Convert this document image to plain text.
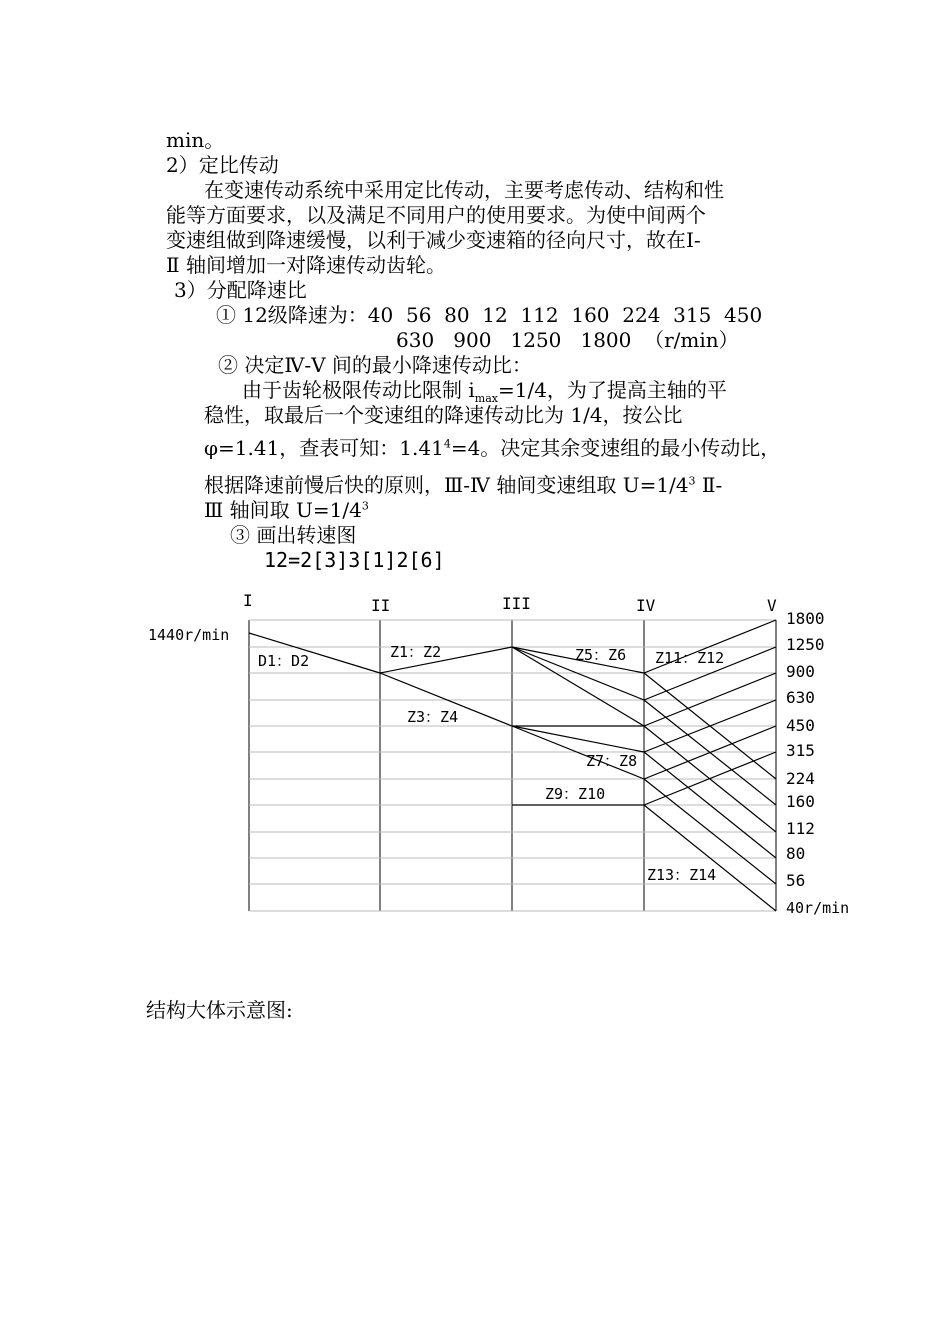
min。
2）定比传动
在变速传动系统中采用定比传动，主要考虑传动、结构和性
能等方面要求，以及满足不同用户的使用要求。为使中间两个
变速组做到降速缓慢，以利于减少变速箱的径向尺寸，故在Ⅰ-
Ⅱ 轴间增加一对降速传动齿轮。
3）分配降速比
① 12级降速为：40  56  80  12  112  160  224  315  450
630   900   1250   1800  （r/min）
② 决定Ⅳ-Ⅴ 间的最小降速传动比：
由于齿轮极限传动比限制 $i_{max}=1/4$，为了提高主轴的平
稳性，取最后一个变速组的降速传动比为 1/4，按公比
φ=1.41，查表可知：$1.41^4=4$。决定其余变速组的最小传动比，
根据降速前慢后快的原则，Ⅲ-Ⅳ 轴间变速组取 $U=1/4^3$ Ⅱ-
Ⅲ 轴间取 $U=1/4^3$
③ 画出转速图
12=2[3]3[1]2[6]
I	II	III	IV	V
1440r/min
1800
1250
900
630
450
315
224
160
112
80
56
40r/min
D1：D2	Z1：Z2
Z3：Z4
Z5：Z6
Z7：Z8
Z9：Z10
Z11：Z12
Z13：Z14
结构大体示意图:
